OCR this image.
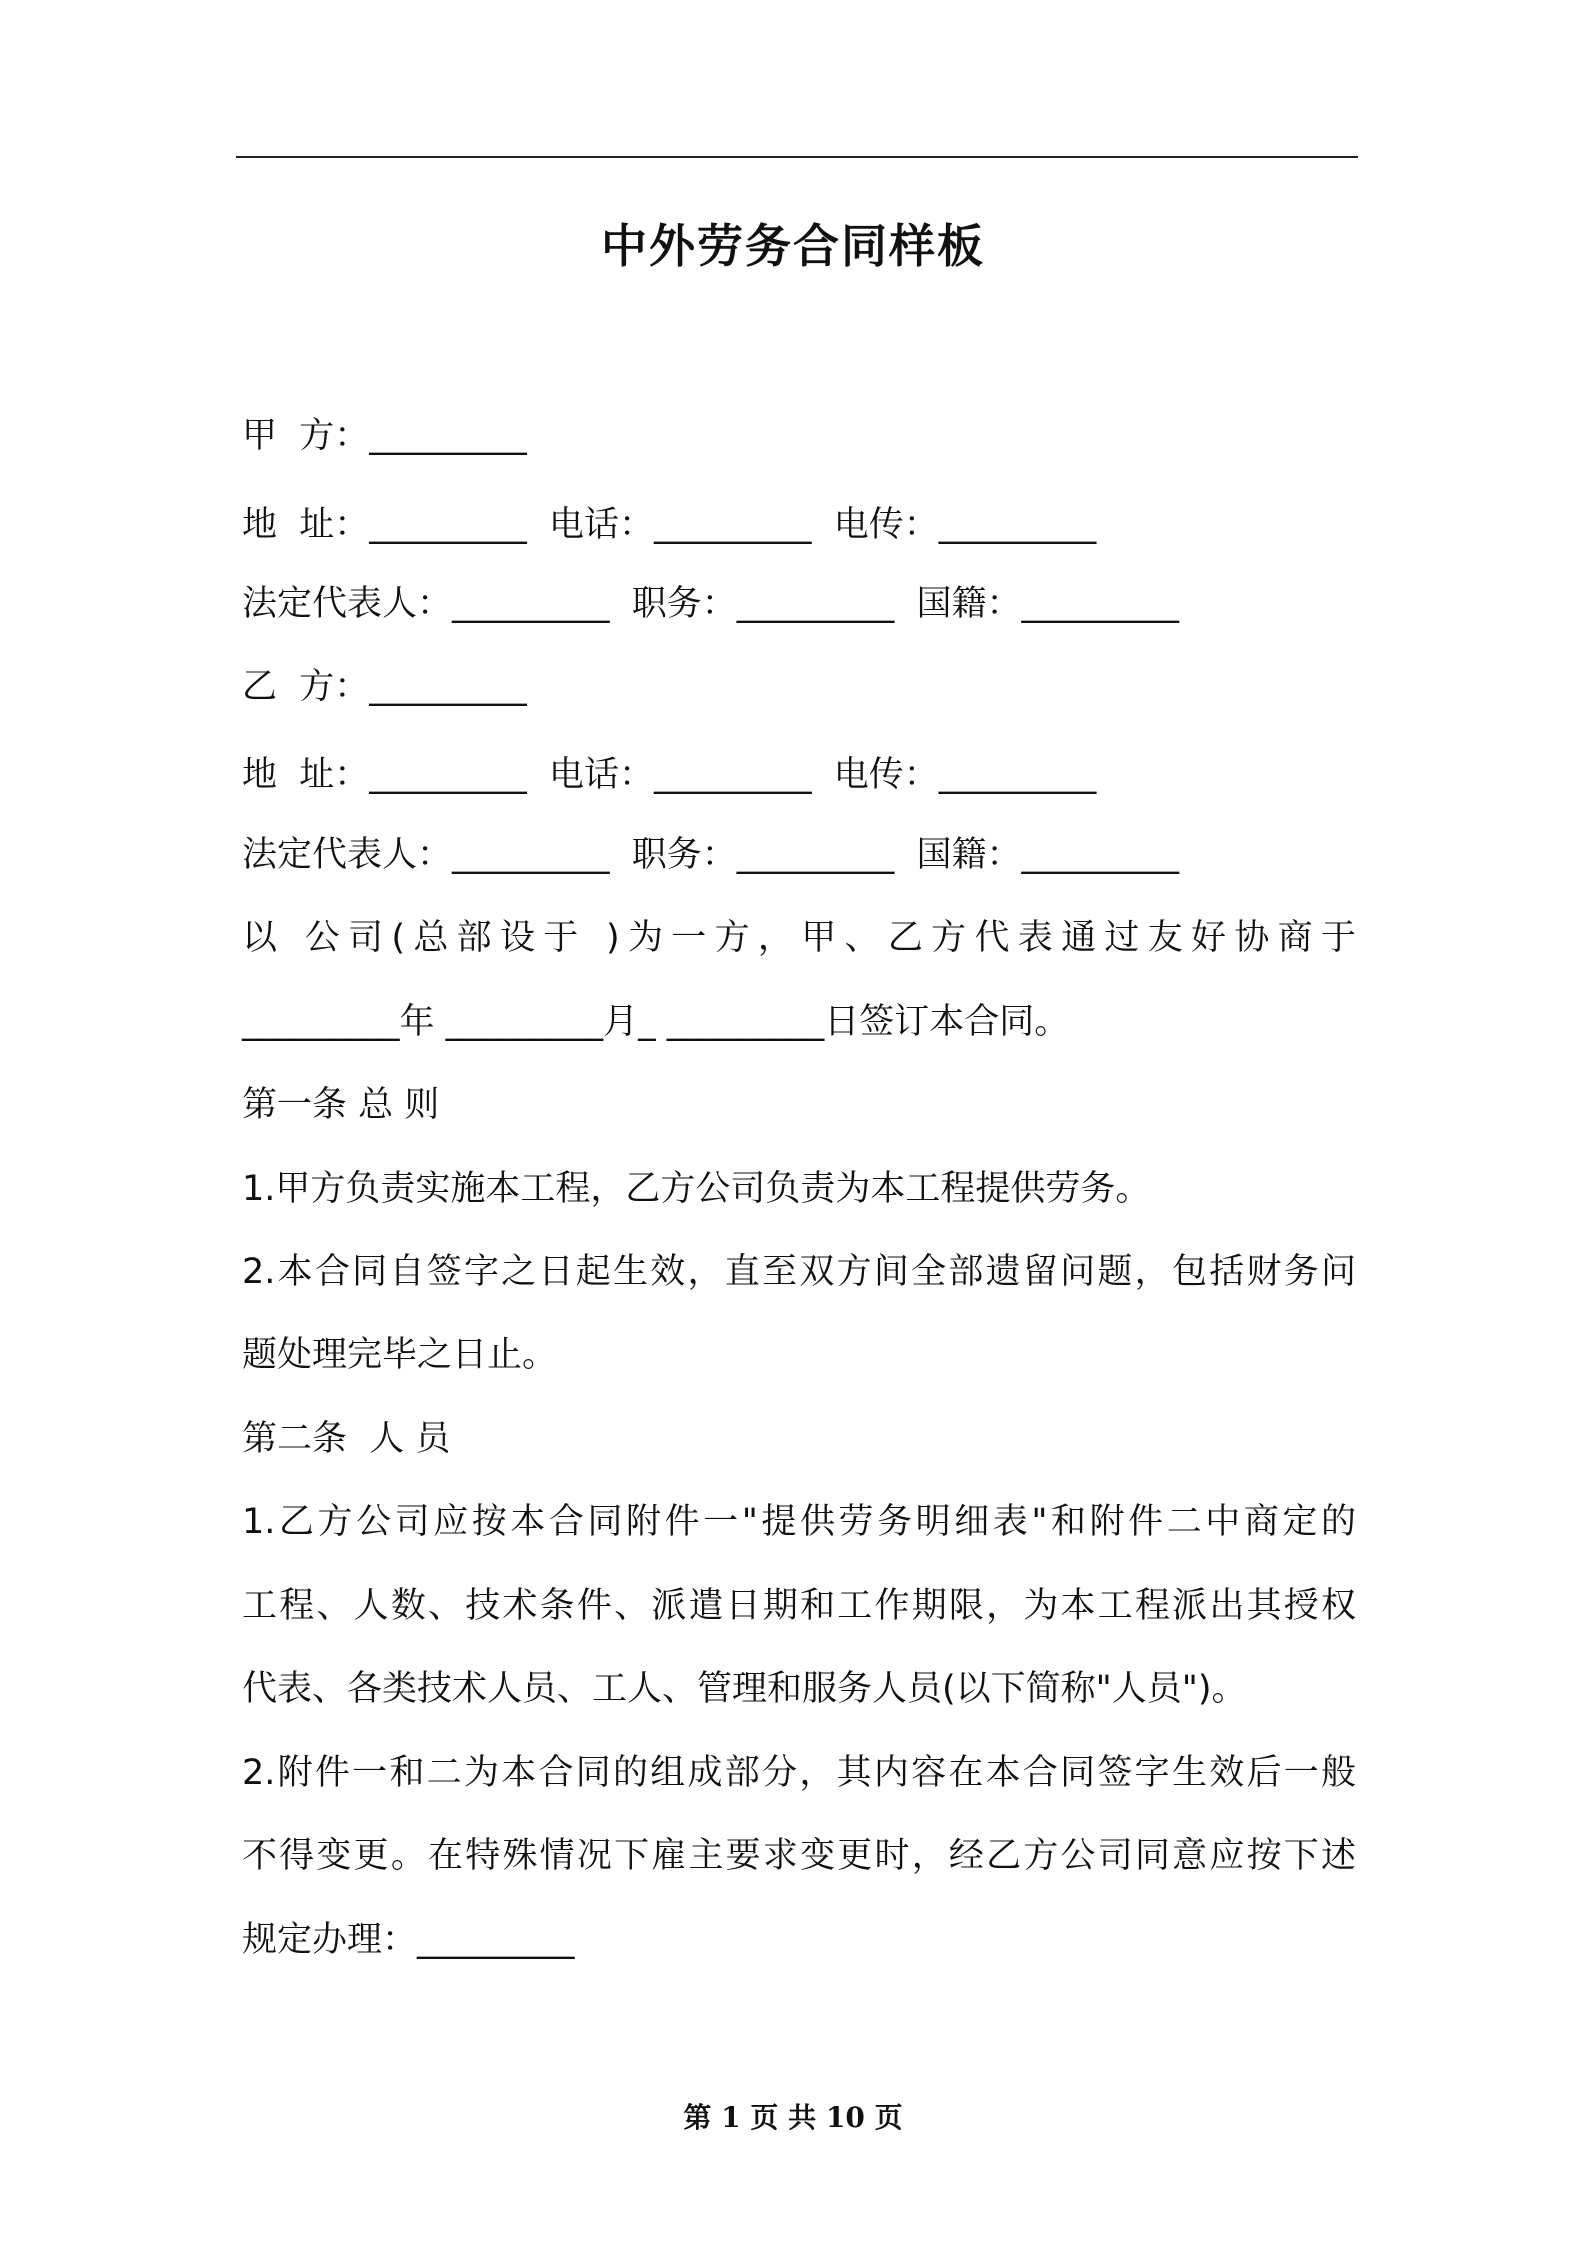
中外劳务合同样板
甲  方：_________
地  址：_________  电话：_________  电传：_________
法定代表人：_________  职务：_________  国籍：_________
乙  方：_________
地  址：_________  电话：_________  电传：_________
法定代表人：_________  职务：_________  国籍：_________
以 公司(总部设于 )为一方，甲、乙方代表通过友好协商于
_________年 _________月_ _________日签订本合同。
第一条 总 则
1.甲方负责实施本工程，乙方公司负责为本工程提供劳务。
2.本合同自签字之日起生效，直至双方间全部遗留问题，包括财务问
题处理完毕之日止。
第二条  人 员
1.乙方公司应按本合同附件一"提供劳务明细表"和附件二中商定的
工程、人数、技术条件、派遣日期和工作期限，为本工程派出其授权
代表、各类技术人员、工人、管理和服务人员(以下简称"人员")。
2.附件一和二为本合同的组成部分，其内容在本合同签字生效后一般
不得变更。在特殊情况下雇主要求变更时，经乙方公司同意应按下述
规定办理：_________
第 1 页 共 10 页
